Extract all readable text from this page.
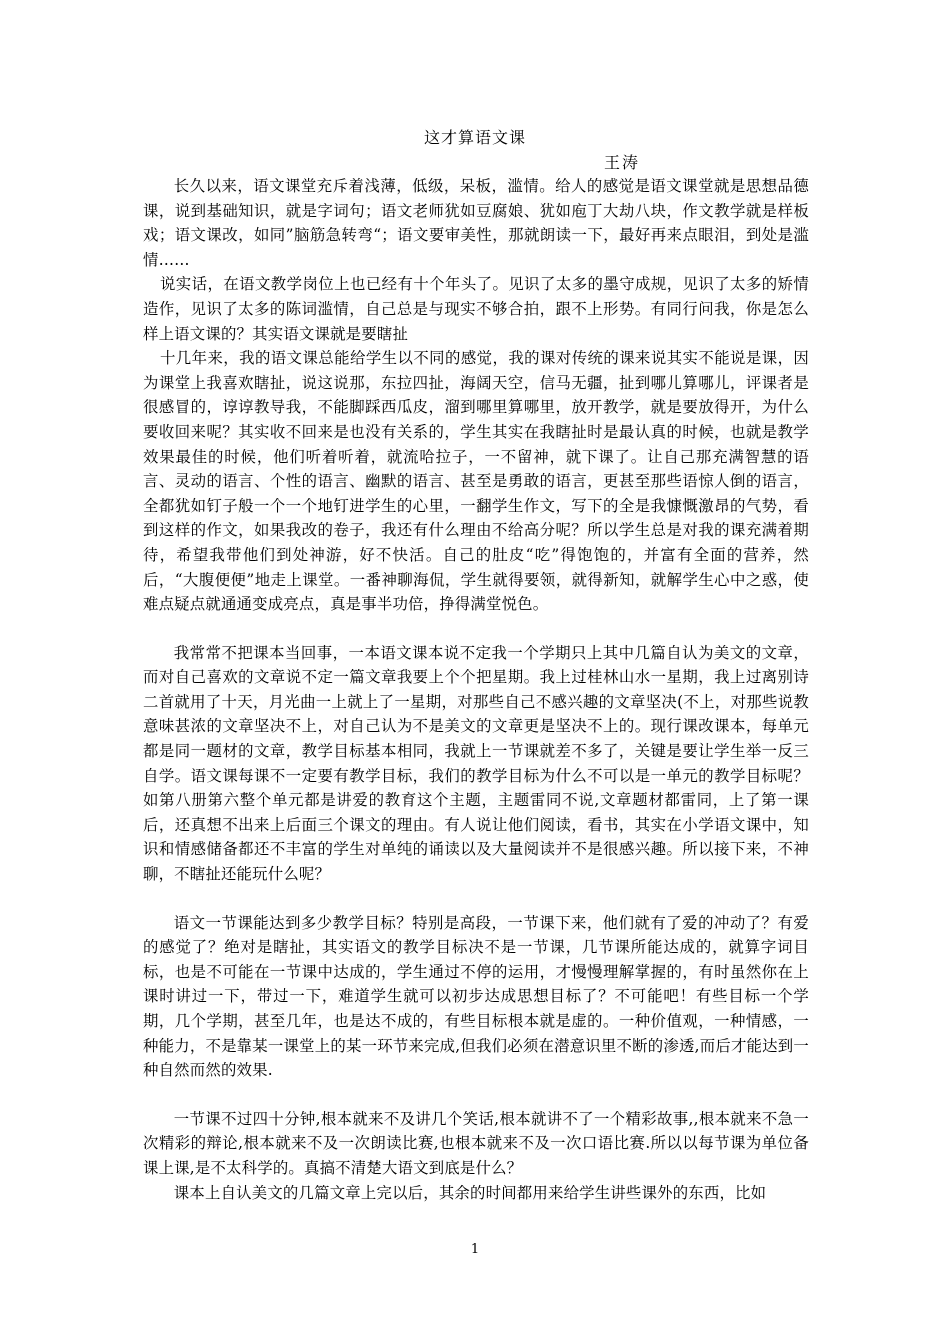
这才算语文课
王涛

长久以来，语文课堂充斥着浅薄，低级，呆板，滥情。给人的感觉是语文课堂就是思想品德课，说到基础知识，就是字词句；语文老师犹如豆腐娘、犹如庖丁大劫八块，作文教学就是样板戏；语文课改，如同”脑筋急转弯“；语文要审美性，那就朗读一下，最好再来点眼泪，到处是滥情……

说实话，在语文教学岗位上也已经有十个年头了。见识了太多的墨守成规，见识了太多的矫情造作，见识了太多的陈词滥情，自己总是与现实不够合拍，跟不上形势。有同行问我，你是怎么样上语文课的？其实语文课就是要瞎扯

十几年来，我的语文课总能给学生以不同的感觉，我的课对传统的课来说其实不能说是课，因为课堂上我喜欢瞎扯，说这说那，东拉四扯，海阔天空，信马无疆，扯到哪儿算哪儿，评课者是很感冒的，谆谆教导我，不能脚踩西瓜皮，溜到哪里算哪里，放开教学，就是要放得开，为什么要收回来呢？其实收不回来是也没有关系的，学生其实在我瞎扯时是最认真的时候，也就是教学效果最佳的时候，他们听着听着，就流哈拉子，一不留神，就下课了。让自己那充满智慧的语言、灵动的语言、个性的语言、幽默的语言、甚至是勇敢的语言，更甚至那些语惊人倒的语言，全都犹如钉子般一个一个地钉进学生的心里，一翻学生作文，写下的全是我慷慨激昂的气势，看到这样的作文，如果我改的卷子，我还有什么理由不给高分呢？所以学生总是对我的课充满着期待，希望我带他们到处神游，好不快活。自己的肚皮“吃”得饱饱的，并富有全面的营养，然后，“大腹便便”地走上课堂。一番神聊海侃，学生就得要领，就得新知，就解学生心中之惑，使难点疑点就通通变成亮点，真是事半功倍，挣得满堂悦色。

我常常不把课本当回事，一本语文课本说不定我一个学期只上其中几篇自认为美文的文章，而对自己喜欢的文章说不定一篇文章我要上个个把星期。我上过桂林山水一星期，我上过离别诗二首就用了十天，月光曲一上就上了一星期，对那些自己不感兴趣的文章坚决(不上，对那些说教意味甚浓的文章坚决不上，对自己认为不是美文的文章更是坚决不上的。现行课改课本，每单元都是同一题材的文章，教学目标基本相同，我就上一节课就差不多了，关键是要让学生举一反三自学。语文课每课不一定要有教学目标，我们的教学目标为什么不可以是一单元的教学目标呢？如第八册第六整个单元都是讲爱的教育这个主题，主题雷同不说,文章题材都雷同，上了第一课后，还真想不出来上后面三个课文的理由。有人说让他们阅读，看书，其实在小学语文课中，知识和情感储备都还不丰富的学生对单纯的诵读以及大量阅读并不是很感兴趣。所以接下来，不神聊，不瞎扯还能玩什么呢？

语文一节课能达到多少教学目标？特别是高段，一节课下来，他们就有了爱的冲动了？有爱的感觉了？绝对是瞎扯，其实语文的教学目标决不是一节课，几节课所能达成的，就算字词目标，也是不可能在一节课中达成的，学生通过不停的运用，才慢慢理解掌握的，有时虽然你在上课时讲过一下，带过一下，难道学生就可以初步达成思想目标了？不可能吧！有些目标一个学期，几个学期，甚至几年，也是达不成的，有些目标根本就是虚的。一种价值观，一种情感，一种能力，不是靠某一课堂上的某一环节来完成,但我们必须在潜意识里不断的渗透,而后才能达到一种自然而然的效果.

一节课不过四十分钟,根本就来不及讲几个笑话,根本就讲不了一个精彩故事,,根本就来不急一次精彩的辩论,根本就来不及一次朗读比赛,也根本就来不及一次口语比赛.所以以每节课为单位备课上课,是不太科学的。真搞不清楚大语文到底是什么？

课本上自认美文的几篇文章上完以后，其余的时间都用来给学生讲些课外的东西，比如

1
